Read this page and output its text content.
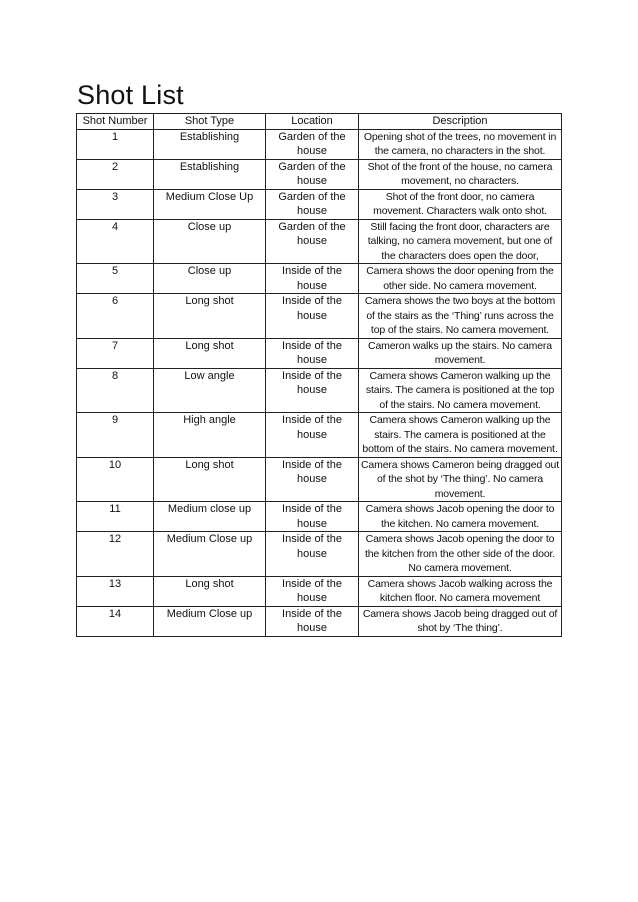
Shot List
Shot Number	Shot Type	Location	Description
1	Establishing	Garden of the house	Opening shot of the trees, no movement in the camera, no characters in the shot.
2	Establishing	Garden of the house	Shot of the front of the house, no camera movement, no characters.
3	Medium Close Up	Garden of the house	Shot of the front door, no camera movement. Characters walk onto shot.
4	Close up	Garden of the house	Still facing the front door, characters are talking, no camera movement, but one of the characters does open the door,
5	Close up	Inside of the house	Camera shows the door opening from the other side. No camera movement.
6	Long shot	Inside of the house	Camera shows the two boys at the bottom of the stairs as the ‘Thing’ runs across the top of the stairs. No camera movement.
7	Long shot	Inside of the house	Cameron walks up the stairs. No camera movement.
8	Low angle	Inside of the house	Camera shows Cameron walking up the stairs. The camera is positioned at the top of the stairs. No camera movement.
9	High angle	Inside of the house	Camera shows Cameron walking up the stairs. The camera is positioned at the bottom of the stairs. No camera movement.
10	Long shot	Inside of the house	Camera shows Cameron being dragged out of the shot by ‘The thing’. No camera movement.
11	Medium close up	Inside of the house	Camera shows Jacob opening the door to the kitchen. No camera movement.
12	Medium Close up	Inside of the house	Camera shows Jacob opening the door to the kitchen from the other side of the door. No camera movement.
13	Long shot	Inside of the house	Camera shows Jacob walking across the kitchen floor. No camera movement
14	Medium Close up	Inside of the house	Camera shows Jacob being dragged out of shot by ‘The thing’.
